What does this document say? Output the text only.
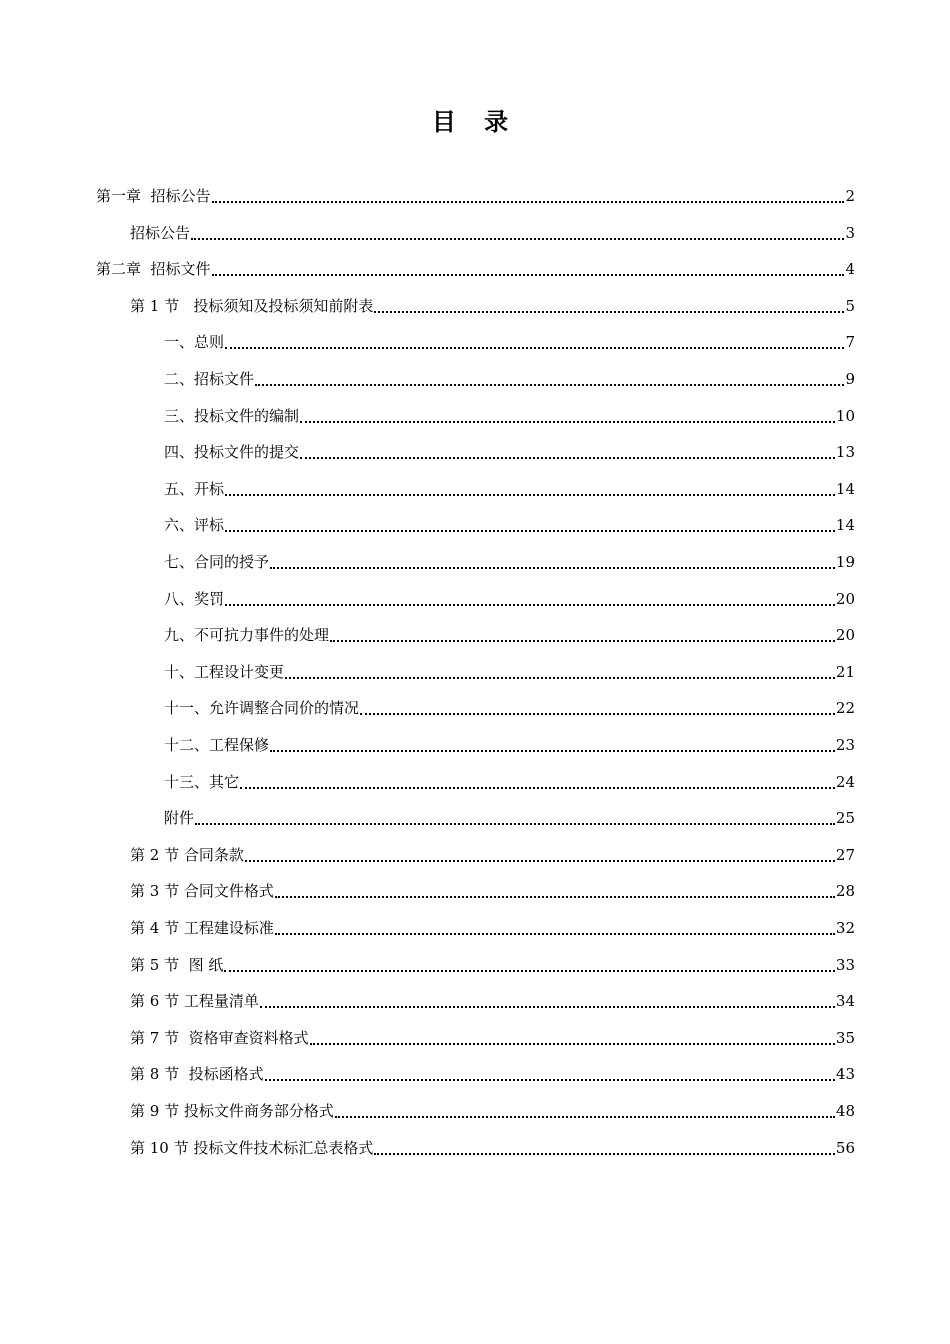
目 录
第一章  招标公告	2
招标公告	3
第二章  招标文件	4
第 1 节   投标须知及投标须知前附表	5
一、总则	7
二、招标文件	9
三、投标文件的编制	10
四、投标文件的提交	13
五、开标	14
六、评标	14
七、合同的授予	19
八、奖罚	20
九、不可抗力事件的处理	20
十、工程设计变更	21
十一、允许调整合同价的情况	22
十二、工程保修	23
十三、其它	24
附件	25
第 2 节 合同条款	27
第 3 节 合同文件格式	28
第 4 节 工程建设标准	32
第 5 节  图 纸	33
第 6 节 工程量清单	34
第 7 节  资格审查资料格式	35
第 8 节  投标函格式	43
第 9 节 投标文件商务部分格式	48
第 10 节 投标文件技术标汇总表格式	56
